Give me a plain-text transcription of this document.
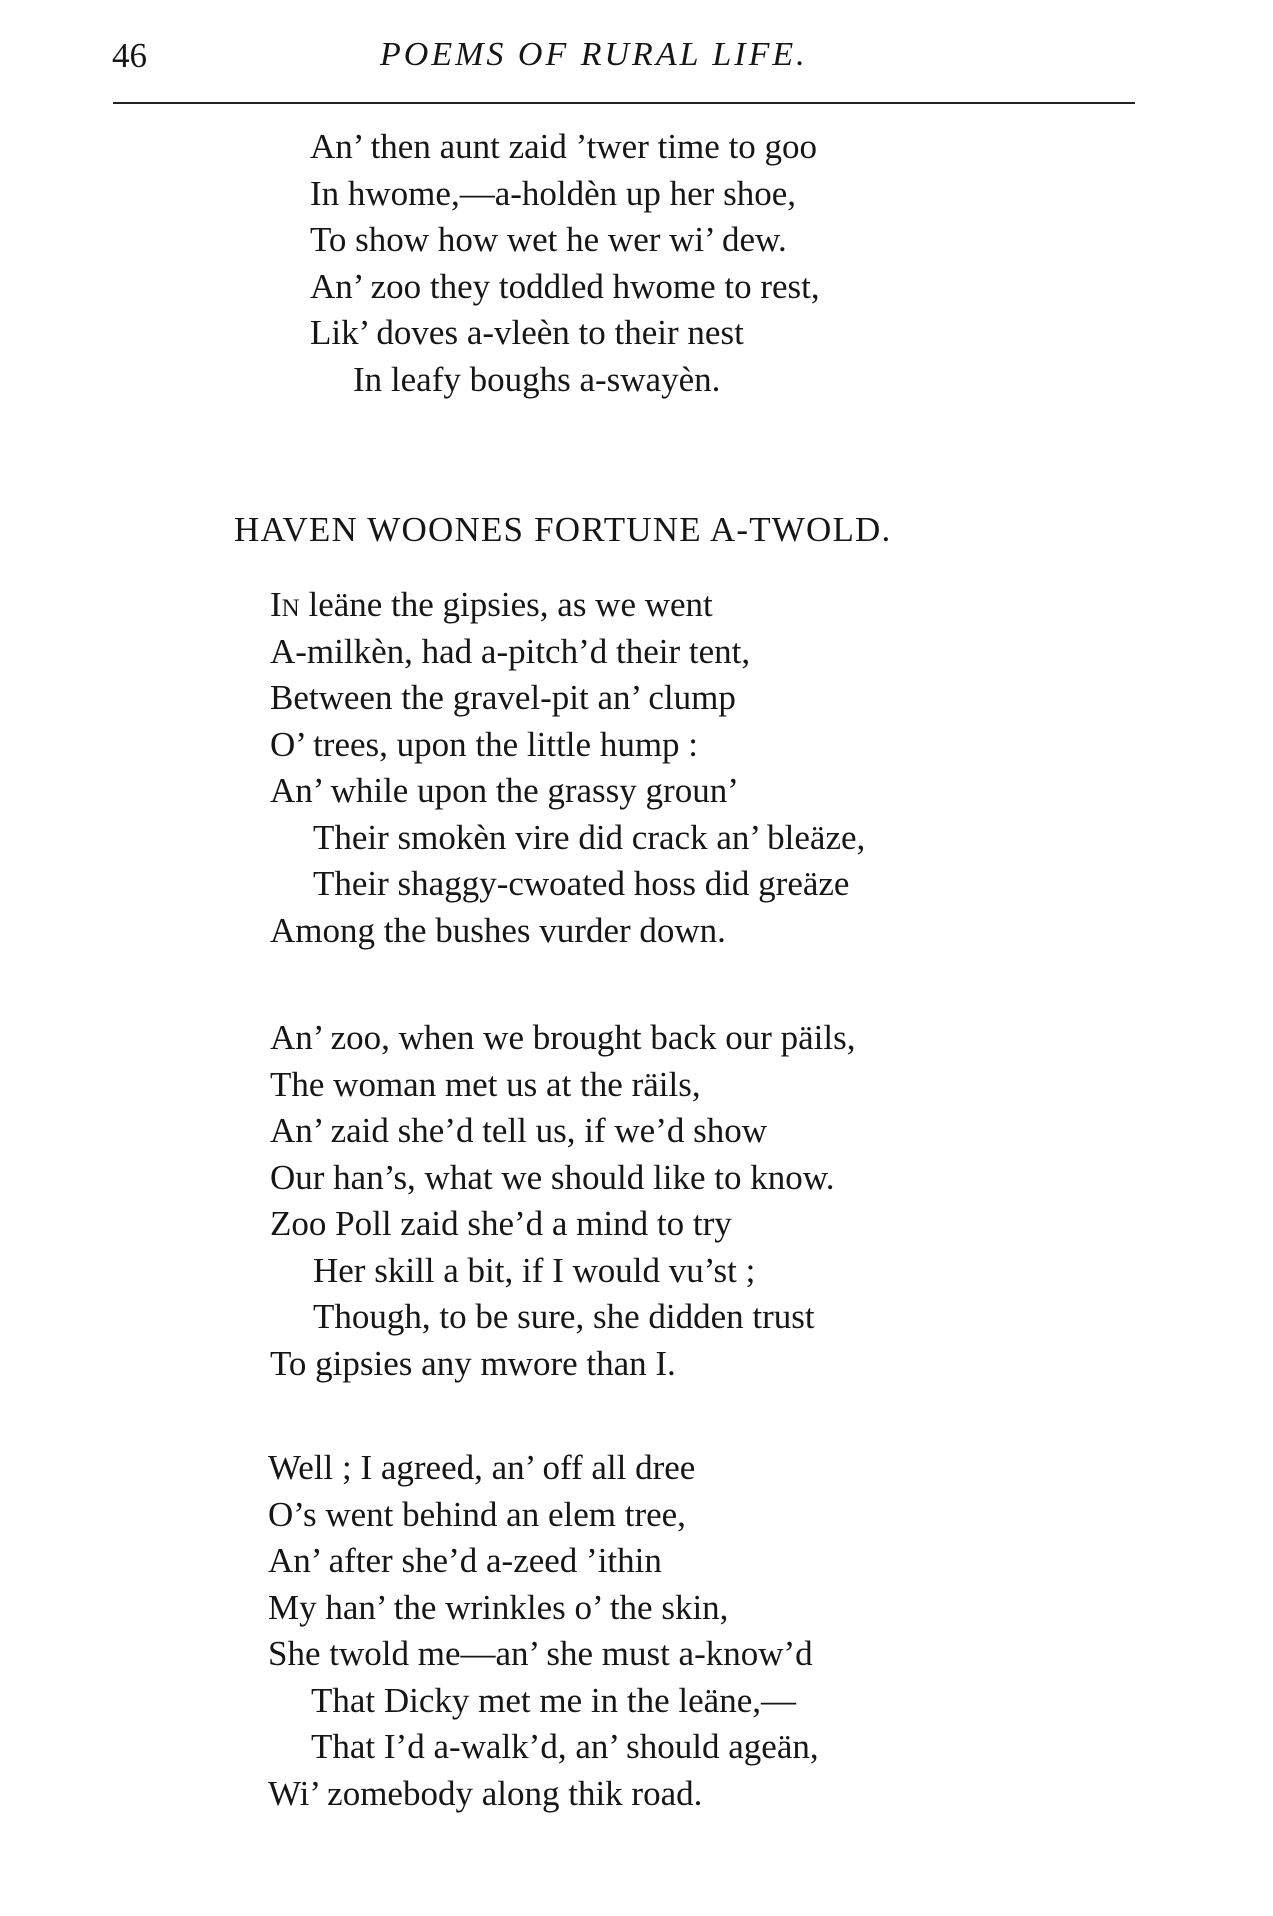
46	POEMS OF RURAL LIFE.
An’ then aunt zaid ’twer time to goo
In hwome,—a-holdèn up her shoe,
To show how wet he wer wi’ dew.
An’ zoo they toddled hwome to rest,
Lik’ doves a-vleèn to their nest
In leafy boughs a-swayèn.
HAVEN WOONES FORTUNE A-TWOLD.
In leäne the gipsies, as we went
A-milkèn, had a-pitch’d their tent,
Between the gravel-pit an’ clump
O’ trees, upon the little hump :
An’ while upon the grassy groun’
Their smokèn vire did crack an’ bleäze,
Their shaggy-cwoated hoss did greäze
Among the bushes vurder down.
An’ zoo, when we brought back our päils,
The woman met us at the räils,
An’ zaid she’d tell us, if we’d show
Our han’s, what we should like to know.
Zoo Poll zaid she’d a mind to try
Her skill a bit, if I would vu’st ;
Though, to be sure, she didden trust
To gipsies any mwore than I.
Well ; I agreed, an’ off all dree
O’s went behind an elem tree,
An’ after she’d a-zeed ’ithin
My han’ the wrinkles o’ the skin,
She twold me—an’ she must a-know’d
That Dicky met me in the leäne,—
That I’d a-walk’d, an’ should ageän,
Wi’ zomebody along thik road.
